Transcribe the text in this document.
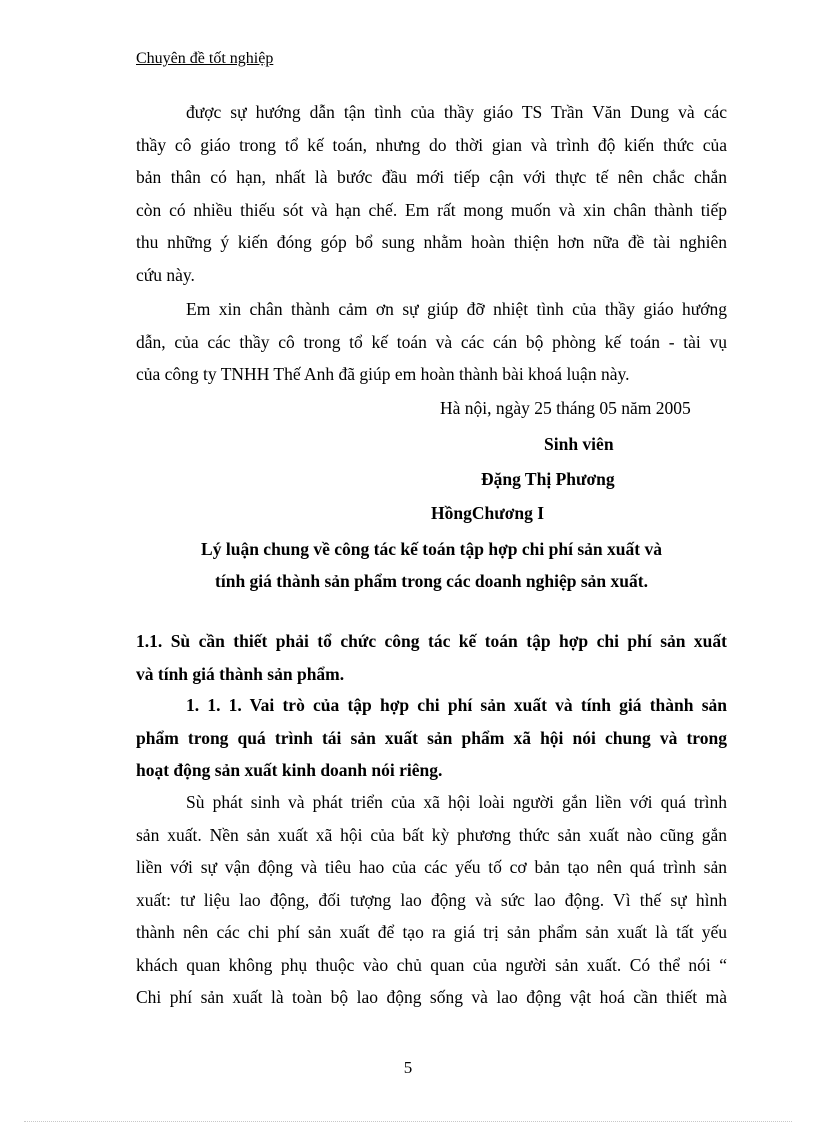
Chuyên đề tốt nghiệp

được sự hướng dẫn tận tình của thầy giáo TS Trần Văn Dung và các

thầy cô giáo trong tổ kế toán, nhưng do thời gian và trình độ kiến thức của

bản thân có hạn, nhất là bước đầu mới tiếp cận với thực tế nên chắc chắn

còn có nhiều thiếu sót và hạn chế. Em rất mong muốn và xin chân thành tiếp

thu những ý kiến đóng góp bổ sung nhằm hoàn thiện hơn nữa đề tài nghiên

cứu này.

Em xin chân thành cảm ơn sự giúp đỡ nhiệt tình của thầy giáo hướng

dẫn, của các thầy cô trong tổ kế toán và các cán bộ phòng kế toán - tài vụ

của công ty TNHH Thế Anh đã giúp em hoàn thành bài khoá luận này.

Hà nội, ngày 25 tháng 05 năm 2005
Sinh viên
Đặng Thị Phương
HồngChương I
Lý luận chung về công tác kế toán tập hợp chi phí sản xuất và
tính giá thành sản phẩm trong các doanh nghiệp sản xuất.

1.1. Sù cần thiết phải tổ chức công tác kế toán tập hợp chi phí sản xuất

và tính giá thành sản phẩm.

1. 1. 1. Vai trò của tập hợp chi phí sản xuất và tính giá thành sản

phẩm trong quá trình tái sản xuất sản phẩm xã hội nói chung và trong

hoạt động sản xuất kinh doanh nói riêng.

Sù phát sinh và phát triển của xã hội loài người gắn liền với quá trình

sản xuất. Nền sản xuất xã hội của bất kỳ phương thức sản xuất nào cũng gắn

liền với sự vận động và tiêu hao của các yếu tố cơ bản tạo nên quá trình sản

xuất: tư liệu lao động, đối tượng lao động và sức lao động. Vì thế sự hình

thành nên các chi phí sản xuất để tạo ra giá trị sản phẩm sản xuất là tất yếu

khách quan không phụ thuộc vào chủ quan của người sản xuất. Có thể nói “

Chi phí sản xuất là toàn bộ lao động sống và lao động vật hoá cần thiết mà

5
